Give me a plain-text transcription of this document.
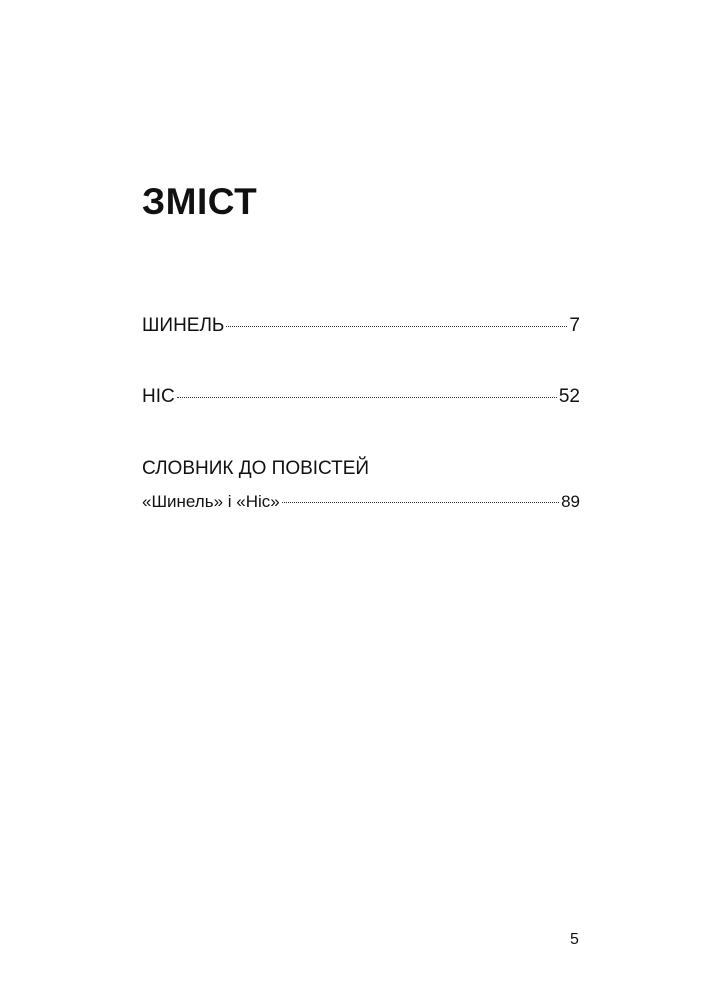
ЗМІСТ
ШИНЕЛЬ	7
НІС	52
СЛОВНИК ДО ПОВІСТЕЙ
«Шинель» і «Ніс»	89
5
